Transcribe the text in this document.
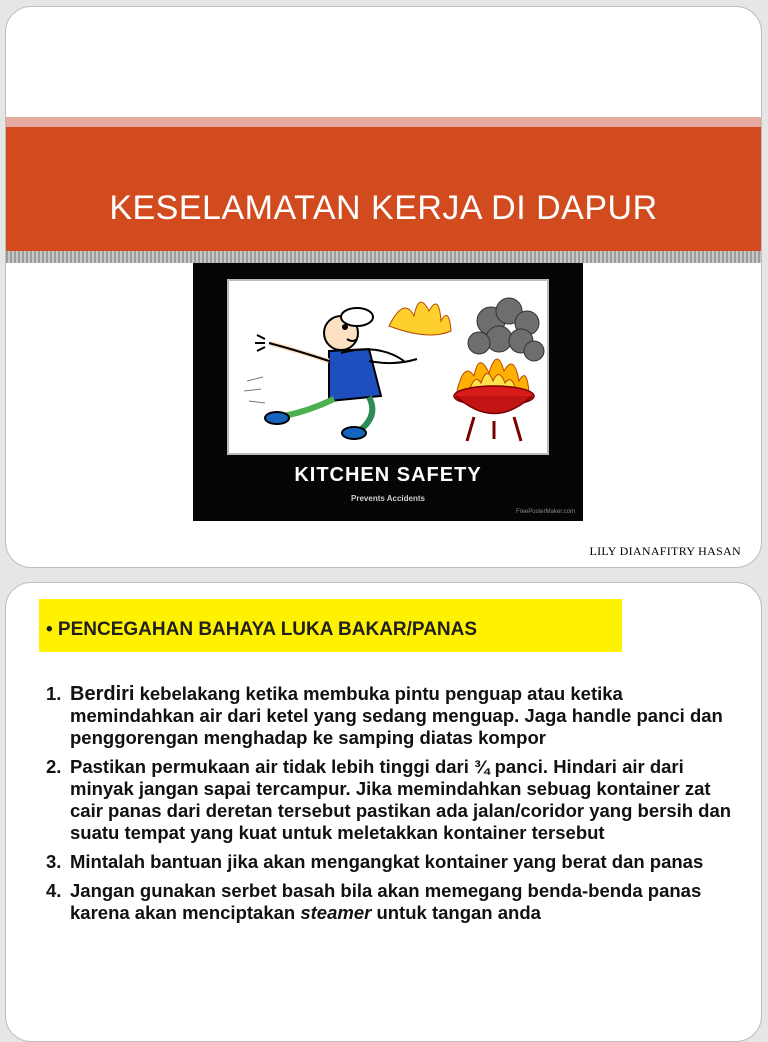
KESELAMATAN KERJA DI DAPUR
KITCHEN SAFETY
Prevents Accidents
FreePosterMaker.com
LILY DIANAFITRY HASAN
• PENCEGAHAN BAHAYA LUKA BAKAR/PANAS
1. Berdiri kebelakang ketika membuka pintu penguap atau ketika memindahkan air dari ketel yang sedang menguap. Jaga handle panci dan penggorengan menghadap ke samping diatas kompor
2. Pastikan permukaan air tidak lebih tinggi dari ¾ panci. Hindari air dari minyak jangan sapai tercampur. Jika memindahkan sebuag kontainer zat cair panas dari deretan tersebut pastikan ada jalan/coridor yang bersih dan suatu tempat yang kuat untuk meletakkan kontainer tersebut
3. Mintalah bantuan jika akan mengangkat kontainer yang berat dan panas
4. Jangan gunakan serbet basah bila akan memegang benda-benda panas karena akan menciptakan steamer untuk tangan anda
